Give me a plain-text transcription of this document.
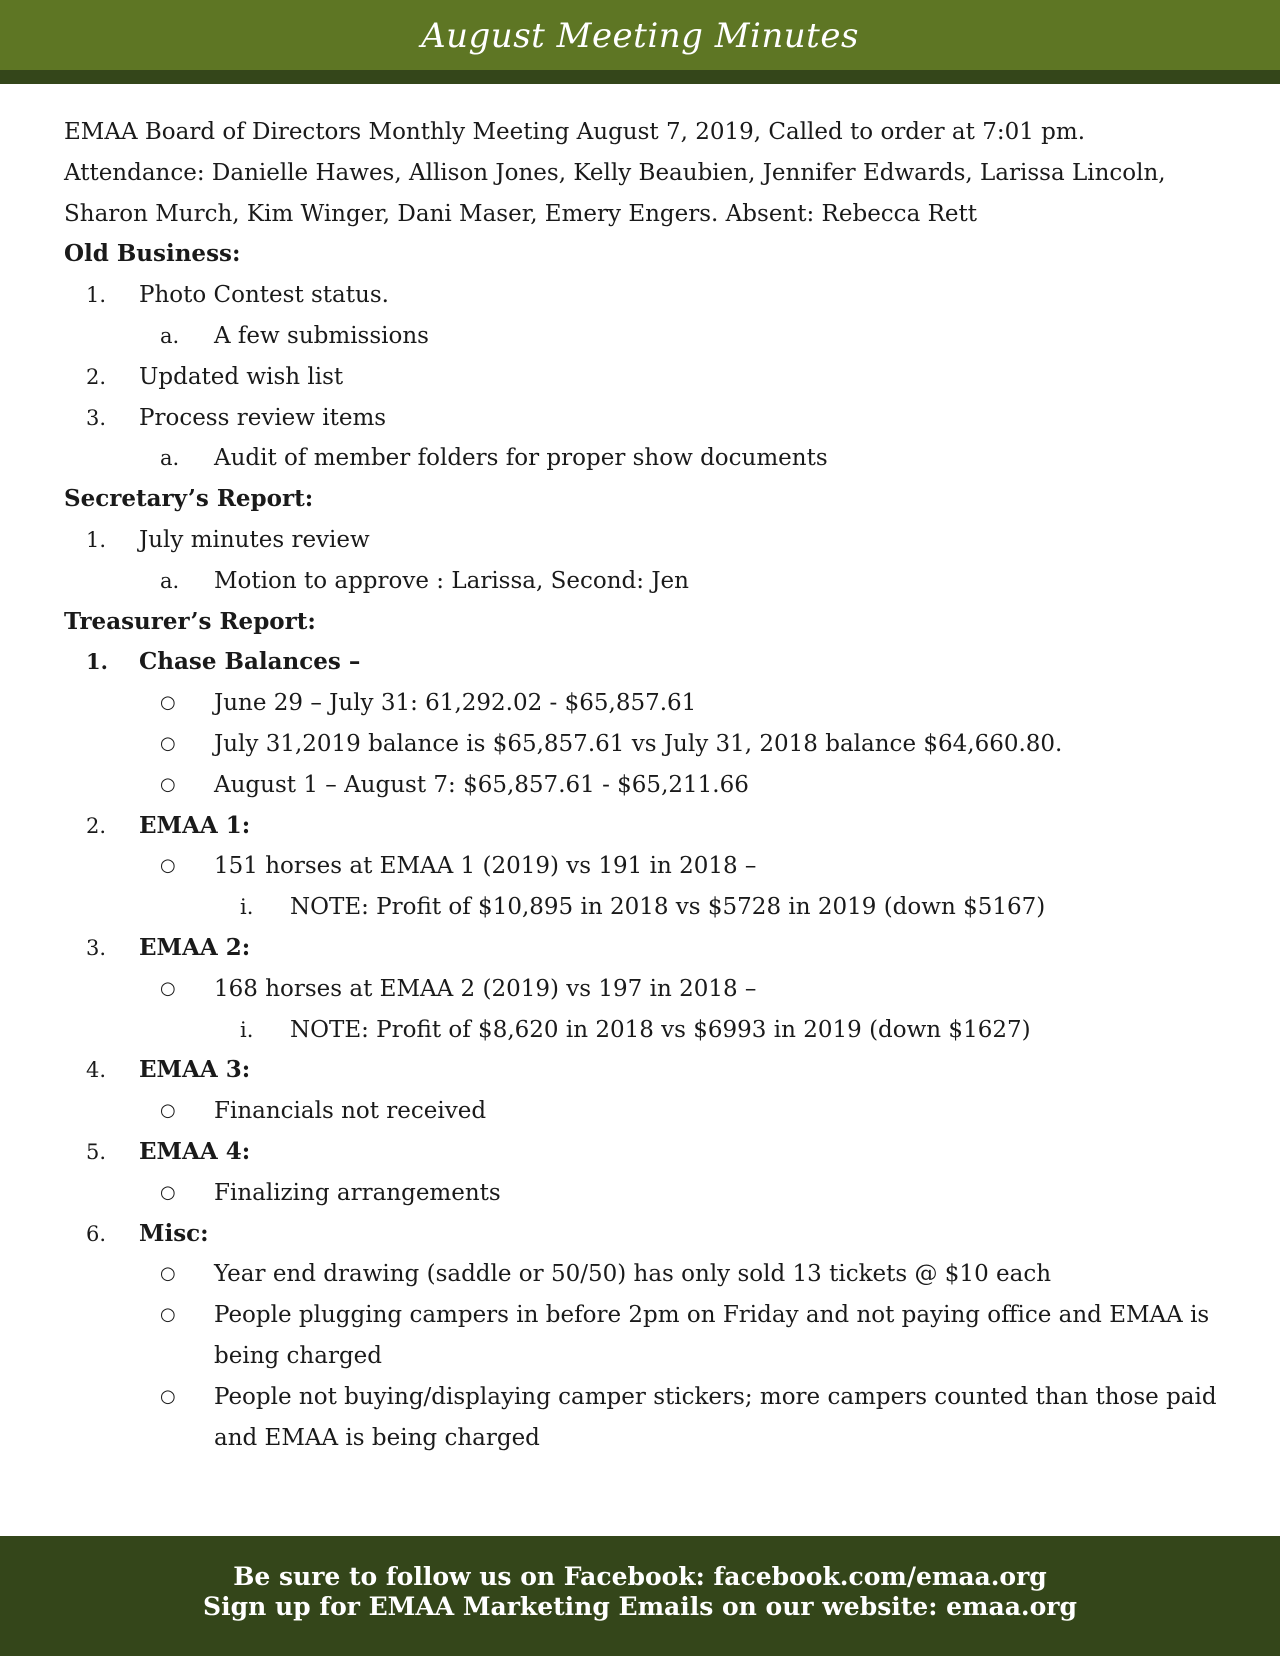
August Meeting Minutes
EMAA Board of Directors Monthly Meeting August 7, 2019, Called to order at 7:01 pm.
Attendance: Danielle Hawes, Allison Jones, Kelly Beaubien, Jennifer Edwards, Larissa Lincoln,
Sharon Murch, Kim Winger, Dani Maser, Emery Engers. Absent: Rebecca Rett
Old Business:
1. Photo Contest status.
a. A few submissions
2. Updated wish list
3. Process review items
a. Audit of member folders for proper show documents
Secretary’s Report:
1. July minutes review
a. Motion to approve : Larissa, Second: Jen
Treasurer’s Report:
1. Chase Balances –
○ June 29 – July 31: 61,292.02 - $65,857.61
○ July 31,2019 balance is $65,857.61 vs July 31, 2018 balance $64,660.80.
○ August 1 – August 7: $65,857.61 - $65,211.66
2. EMAA 1:
○ 151 horses at EMAA 1 (2019) vs 191 in 2018 –
i. NOTE: Profit of $10,895 in 2018 vs $5728 in 2019 (down $5167)
3. EMAA 2:
○ 168 horses at EMAA 2 (2019) vs 197 in 2018 –
i. NOTE: Profit of $8,620 in 2018 vs $6993 in 2019 (down $1627)
4. EMAA 3:
○ Financials not received
5. EMAA 4:
○ Finalizing arrangements
6. Misc:
○ Year end drawing (saddle or 50/50) has only sold 13 tickets @ $10 each
○ People plugging campers in before 2pm on Friday and not paying office and EMAA is being charged
○ People not buying/displaying camper stickers; more campers counted than those paid and EMAA is being charged
Be sure to follow us on Facebook: facebook.com/emaa.org
Sign up for EMAA Marketing Emails on our website: emaa.org
